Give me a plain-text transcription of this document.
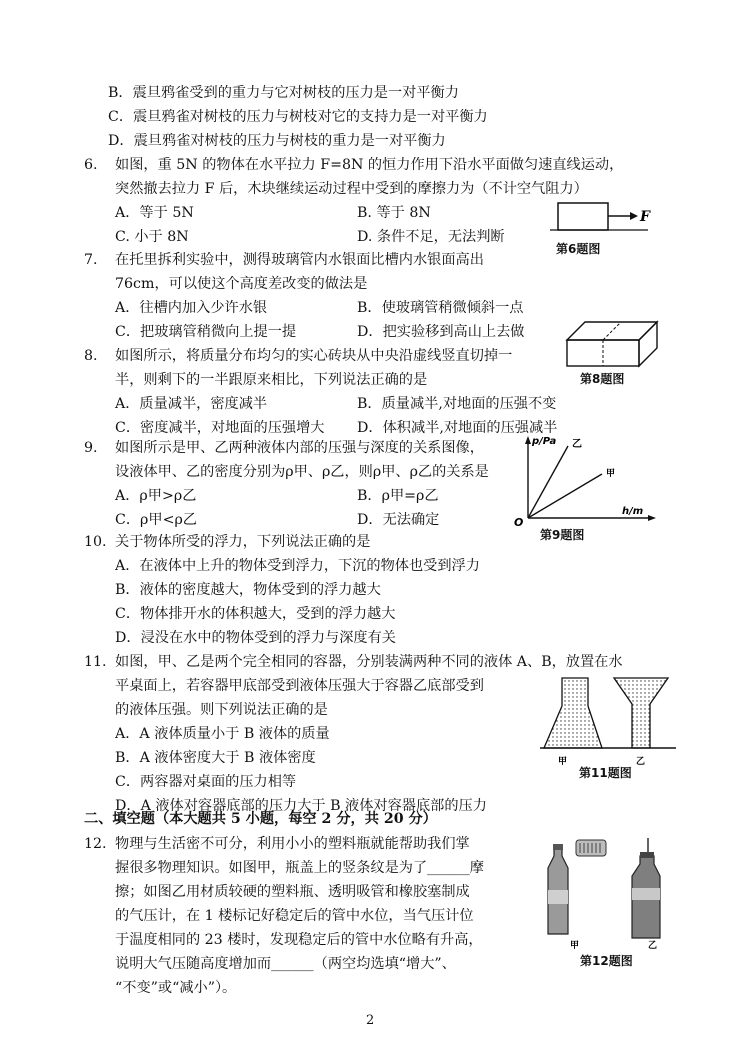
B．震旦鸦雀受到的重力与它对树枝的压力是一对平衡力
C．震旦鸦雀对树枝的压力与树枝对它的支持力是一对平衡力
D．震旦鸦雀对树枝的压力与树枝的重力是一对平衡力
6. 如图，重 5N 的物体在水平拉力 F=8N 的恒力作用下沿水平面做匀速直线运动，
突然撤去拉力 F 后，木块继续运动过程中受到的摩擦力为（不计空气阻力）
A．等于 5N	B. 等于 8N
C. 小于 8N	D. 条件不足，无法判断
F
第6题图
7. 在托里拆利实验中，测得玻璃管内水银面比槽内水银面高出
76cm，可以使这个高度差改变的做法是
A．往槽内加入少许水银	B．使玻璃管稍微倾斜一点
C．把玻璃管稍微向上提一提	D．把实验移到高山上去做
8. 如图所示，将质量分布均匀的实心砖块从中央沿虚线竖直切掉一
半，则剩下的一半跟原来相比，下列说法正确的是
A．质量减半，密度减半	B．质量减半,对地面的压强不变
C．密度减半，对地面的压强增大 D．体积减半,对地面的压强减半
第8题图
9. 如图所示是甲、乙两种液体内部的压强与深度的关系图像，
设液体甲、乙的密度分别为ρ甲、ρ乙，则ρ甲、ρ乙的关系是
A．ρ甲>ρ乙	B．ρ甲=ρ乙
C．ρ甲<ρ乙	D．无法确定
p/Pa 乙
甲
O
h/m
第9题图
10. 关于物体所受的浮力，下列说法正确的是
A．在液体中上升的物体受到浮力，下沉的物体也受到浮力
B．液体的密度越大，物体受到的浮力越大
C．物体排开水的体积越大，受到的浮力越大
D．浸没在水中的物体受到的浮力与深度有关
11. 如图，甲、乙是两个完全相同的容器，分别装满两种不同的液体 A、B，放置在水
平桌面上，若容器甲底部受到液体压强大于容器乙底部受到
的液体压强。则下列说法正确的是
A．A 液体质量小于 B 液体的质量
B．A 液体密度大于 B 液体密度
C．两容器对桌面的压力相等
D．A 液体对容器底部的压力大于 B 液体对容器底部的压力
甲	乙
第11题图
二、填空题（本大题共 5 小题，每空 2 分，共 20 分）
12. 物理与生活密不可分，利用小小的塑料瓶就能帮助我们掌
握很多物理知识。如图甲，瓶盖上的竖条纹是为了______摩
擦；如图乙用材质较硬的塑料瓶、透明吸管和橡胶塞制成
的气压计，在 1 楼标记好稳定后的管中水位，当气压计位
于温度相同的 23 楼时，发现稳定后的管中水位略有升高，
说明大气压随高度增加而______（两空均选填“增大”、
“不变”或“减小”）。
甲	乙
第12题图
2
